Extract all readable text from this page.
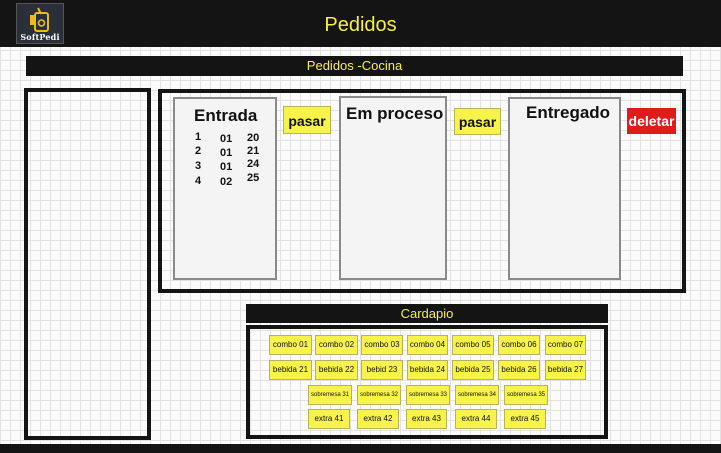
SoftPedi
Pedidos
Pedidos -Cocina
Entrada
1 01 20
2 01 21
3 01 24
4 02 25
pasar	Em proceso	pasar Entregado deletar
Cardapio
combo 01	combo 02	combo 03	combo 04	combo 05	combo 06	combo 07
bebida 21	bebida 22	bebid 23	bebida 24	bebida 25	bebida 26	bebida 27
sobremesa 31	sobremesa 32	sobremesa 33	sobremesa 34	sobremesa 35
extra 41	extra 42	extra 43	extra 44	extra 45
